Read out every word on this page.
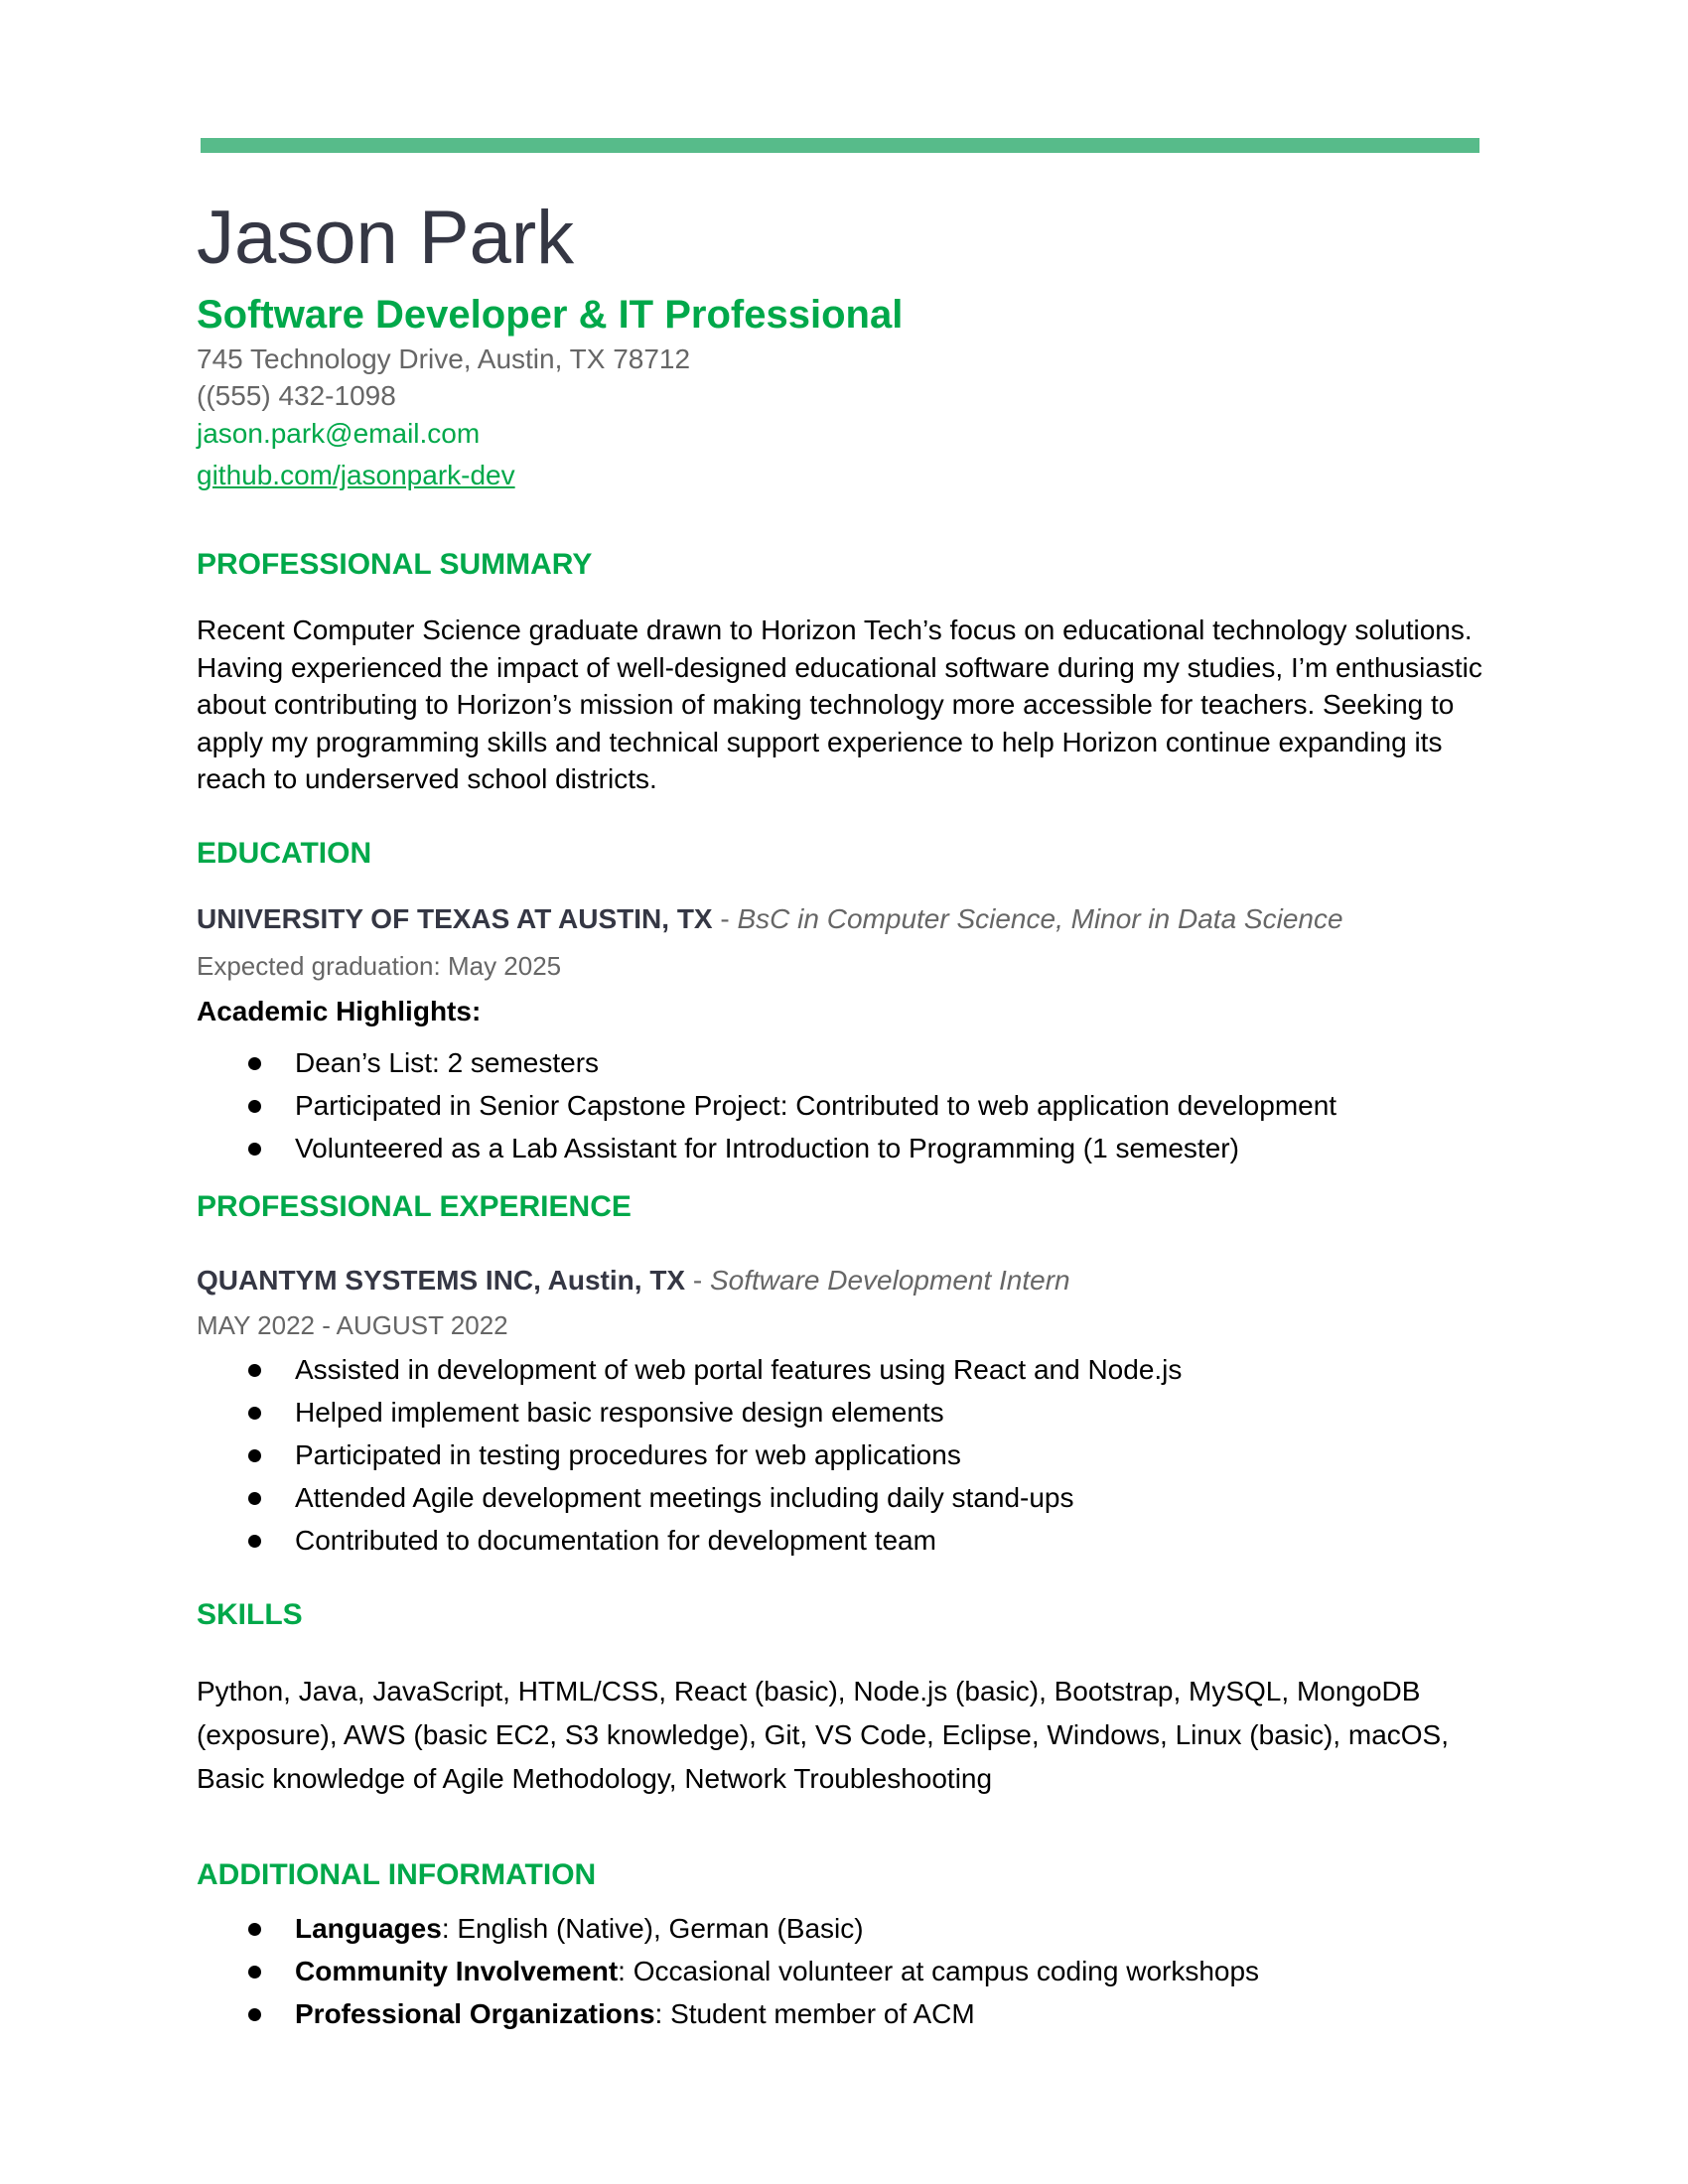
Jason Park
Software Developer & IT Professional
745 Technology Drive, Austin, TX 78712
((555) 432-1098
jason.park@email.com
github.com/jasonpark-dev
PROFESSIONAL SUMMARY
Recent Computer Science graduate drawn to Horizon Tech’s focus on educational technology solutions. Having experienced the impact of well-designed educational software during my studies, I’m enthusiastic about contributing to Horizon’s mission of making technology more accessible for teachers. Seeking to apply my programming skills and technical support experience to help Horizon continue expanding its reach to underserved school districts.
EDUCATION
UNIVERSITY OF TEXAS AT AUSTIN, TX - BsC in Computer Science, Minor in Data Science
Expected graduation: May 2025
Academic Highlights:
Dean’s List: 2 semesters
Participated in Senior Capstone Project: Contributed to web application development
Volunteered as a Lab Assistant for Introduction to Programming (1 semester)
PROFESSIONAL EXPERIENCE
QUANTYM SYSTEMS INC, Austin, TX - Software Development Intern
MAY 2022 - AUGUST 2022
Assisted in development of web portal features using React and Node.js
Helped implement basic responsive design elements
Participated in testing procedures for web applications
Attended Agile development meetings including daily stand-ups
Contributed to documentation for development team
SKILLS
Python, Java, JavaScript, HTML/CSS, React (basic), Node.js (basic), Bootstrap, MySQL, MongoDB (exposure), AWS (basic EC2, S3 knowledge), Git, VS Code, Eclipse, Windows, Linux (basic), macOS, Basic knowledge of Agile Methodology, Network Troubleshooting
ADDITIONAL INFORMATION
Languages: English (Native), German (Basic)
Community Involvement: Occasional volunteer at campus coding workshops
Professional Organizations: Student member of ACM
